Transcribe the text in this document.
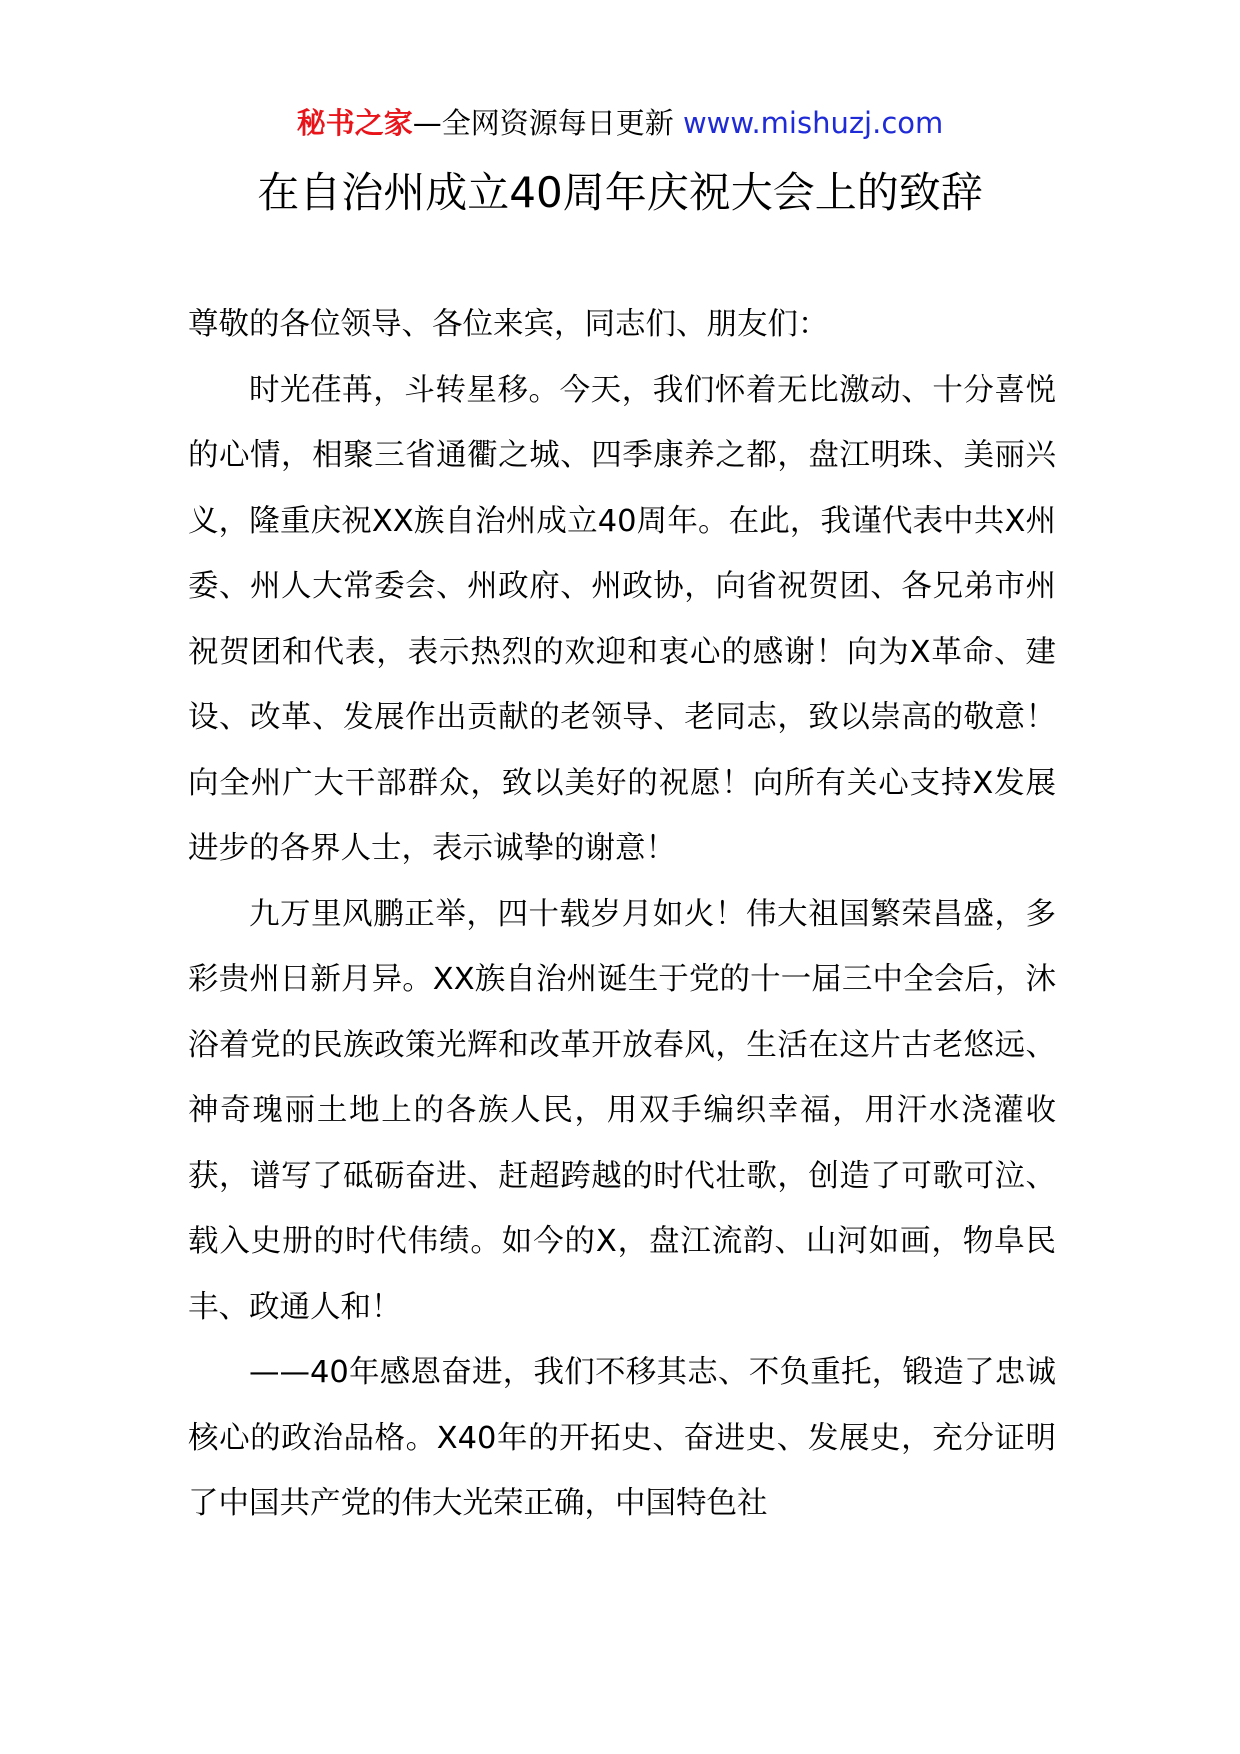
秘书之家—全网资源每日更新 www.mishuzj.com
在自治州成立40周年庆祝大会上的致辞

尊敬的各位领导、各位来宾，同志们、朋友们：

时光荏苒，斗转星移。今天，我们怀着无比激动、十分喜悦的心情，相聚三省通衢之城、四季康养之都，盘江明珠、美丽兴义，隆重庆祝XX族自治州成立40周年。在此，我谨代表中共X州委、州人大常委会、州政府、州政协，向省祝贺团、各兄弟市州祝贺团和代表，表示热烈的欢迎和衷心的感谢！向为X革命、建设、改革、发展作出贡献的老领导、老同志，致以崇高的敬意！向全州广大干部群众，致以美好的祝愿！向所有关心支持X发展进步的各界人士，表示诚挚的谢意！

九万里风鹏正举，四十载岁月如火！伟大祖国繁荣昌盛，多彩贵州日新月异。XX族自治州诞生于党的十一届三中全会后，沐浴着党的民族政策光辉和改革开放春风，生活在这片古老悠远、神奇瑰丽土地上的各族人民，用双手编织幸福，用汗水浇灌收获，谱写了砥砺奋进、赶超跨越的时代壮歌，创造了可歌可泣、载入史册的时代伟绩。如今的X，盘江流韵、山河如画，物阜民丰、政通人和！

——40年感恩奋进，我们不移其志、不负重托，锻造了忠诚核心的政治品格。X40年的开拓史、奋进史、发展史，充分证明了中国共产党的伟大光荣正确，中国特色社
